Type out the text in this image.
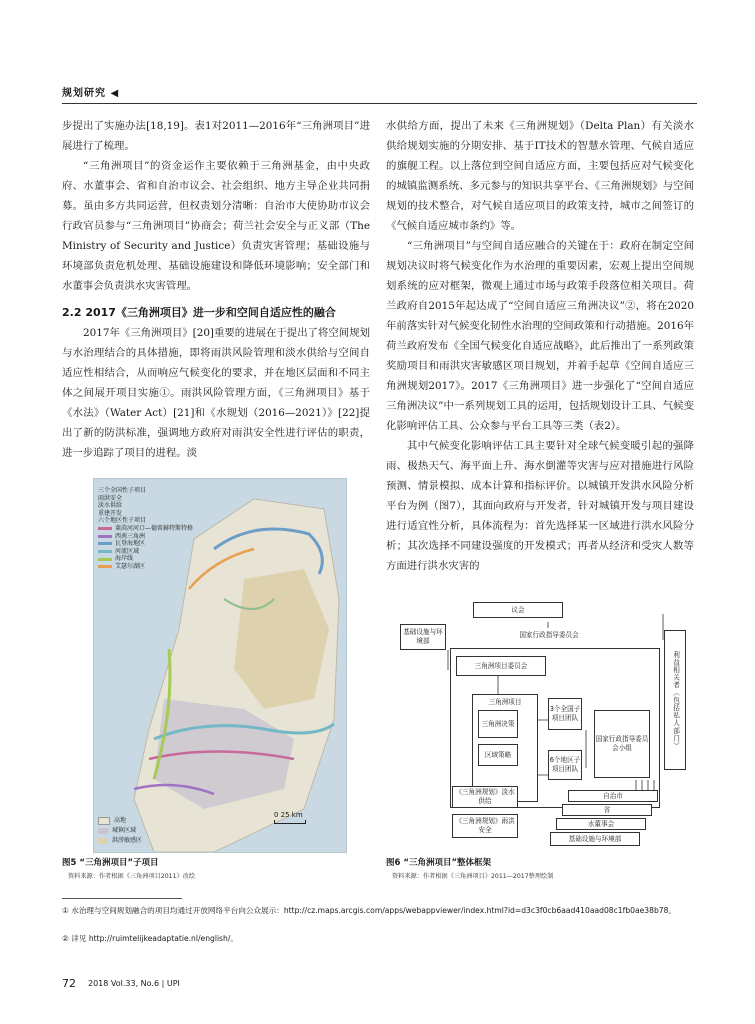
规划研究 ◀

步提出了实施办法[18,19]。表1对2011—2016年“三角洲项目”进展进行了梳理。

“三角洲项目”的资金运作主要依赖于三角洲基金，由中央政府、水董事会、省和自治市议会、社会组织、地方主导企业共同捐募。虽由多方共同运营，但权责划分清晰：自治市大使协助市议会行政官员参与“三角洲项目”协商会；荷兰社会安全与正义部（The Ministry of Security and Justice）负责灾害管理；基础设施与环境部负责危机处理、基础设施建设和降低环境影响；安全部门和水董事会负责洪水灾害管理。

2.2 2017《三角洲项目》进一步和空间自适应性的融合

2017年《三角洲项目》[20]重要的进展在于提出了将空间规划与水治理结合的具体措施，即将雨洪风险管理和淡水供给与空间自适应性相结合，从而响应气候变化的要求，并在地区层面和不同主体之间展开项目实施①。雨洪风险管理方面，《三角洲项目》基于《水法》（Water Act）[21]和《水规划（2016—2021）》[22]提出了新的防洪标准，强调地方政府对雨洪安全性进行评估的职责，进一步追踪了项目的进程。淡

水供给方面，提出了未来《三角洲规划》（Delta Plan）有关淡水供给规划实施的分期安排、基于IT技术的智慧水管理、气候自适应的旗舰工程。以上落位到空间自适应方面，主要包括应对气候变化的城镇监测系统、多元参与的知识共享平台、《三角洲规划》与空间规划的技术整合，对气候自适应项目的政策支持，城市之间签订的《气候自适应城市条约》等。

“三角洲项目”与空间自适应融合的关键在于：政府在制定空间规划决议时将气候变化作为水治理的重要因素，宏观上提出空间规划系统的应对框架，微观上通过市场与政策手段落位相关项目。荷兰政府自2015年起达成了“空间自适应三角洲决议”②，将在2020年前落实针对气候变化韧性水治理的空间政策和行动措施。2016年荷兰政府发布《全国气候变化自适应战略》，此后推出了一系列政策奖励项目和雨洪灾害敏感区项目规划，并着手起草《空间自适应三角洲规划2017》。2017《三角洲项目》进一步强化了“空间自适应三角洲决议”中一系列规划工具的运用，包括规划设计工具、气候变化影响评估工具、公众参与平台工具等三类（表2）。

其中气候变化影响评估工具主要针对全球气候变暖引起的强降雨、极热天气、海平面上升、海水倒灌等灾害与应对措施进行风险预测、情景模拟、成本计算和指标评价。以城镇开发洪水风险分析平台为例（图7），其面向政府与开发者，针对城镇开发与项目建设进行适宜性分析，具体流程为：首先选择某一区域进行洪水风险分析；其次选择不同建设强度的开发模式；再者从经济和受灾人数等方面进行洪水灾害的

三个全国性子项目
雨洪安全
淡水供给
重建开发
六个地区性子项目
莱茵河河口—德雷赫特斯特格
西南三角洲
瓦登海地区
河流区域
海岸线
艾瑟尔湖区
高地
城镇区域
洪涝敏感区
0 25 km
图5 “三角洲项目”子项目
资料来源：作者根据《三角洲项目2011》改绘
议会
基础设施与环境部
国家行政指导委员会
三角洲项目委员会
三角洲项目
三角洲决策
区域策略
3个全国子项目团队
6个地区子项目团队
国家行政指导委员会小组
《三角洲规划》淡水供给
《三角洲规划》雨洪安全
自治市
省
水董事会
基础设施与环境部
利益相关者（包括私人部门）
图6 “三角洲项目”整体框架
资料来源：作者根据《三角洲项目》2011—2017整理绘制
① 水治理与空间规划融合的项目均通过开放网络平台向公众展示：http://cz.maps.arcgis.com/apps/webappviewer/index.html?id=d3c3f0cb6aad410aad08c1fb0ae38b78。
② 详见 http://ruimtelijkeadaptatie.nl/english/。
72 2018 Vol.33, No.6 | UPI
